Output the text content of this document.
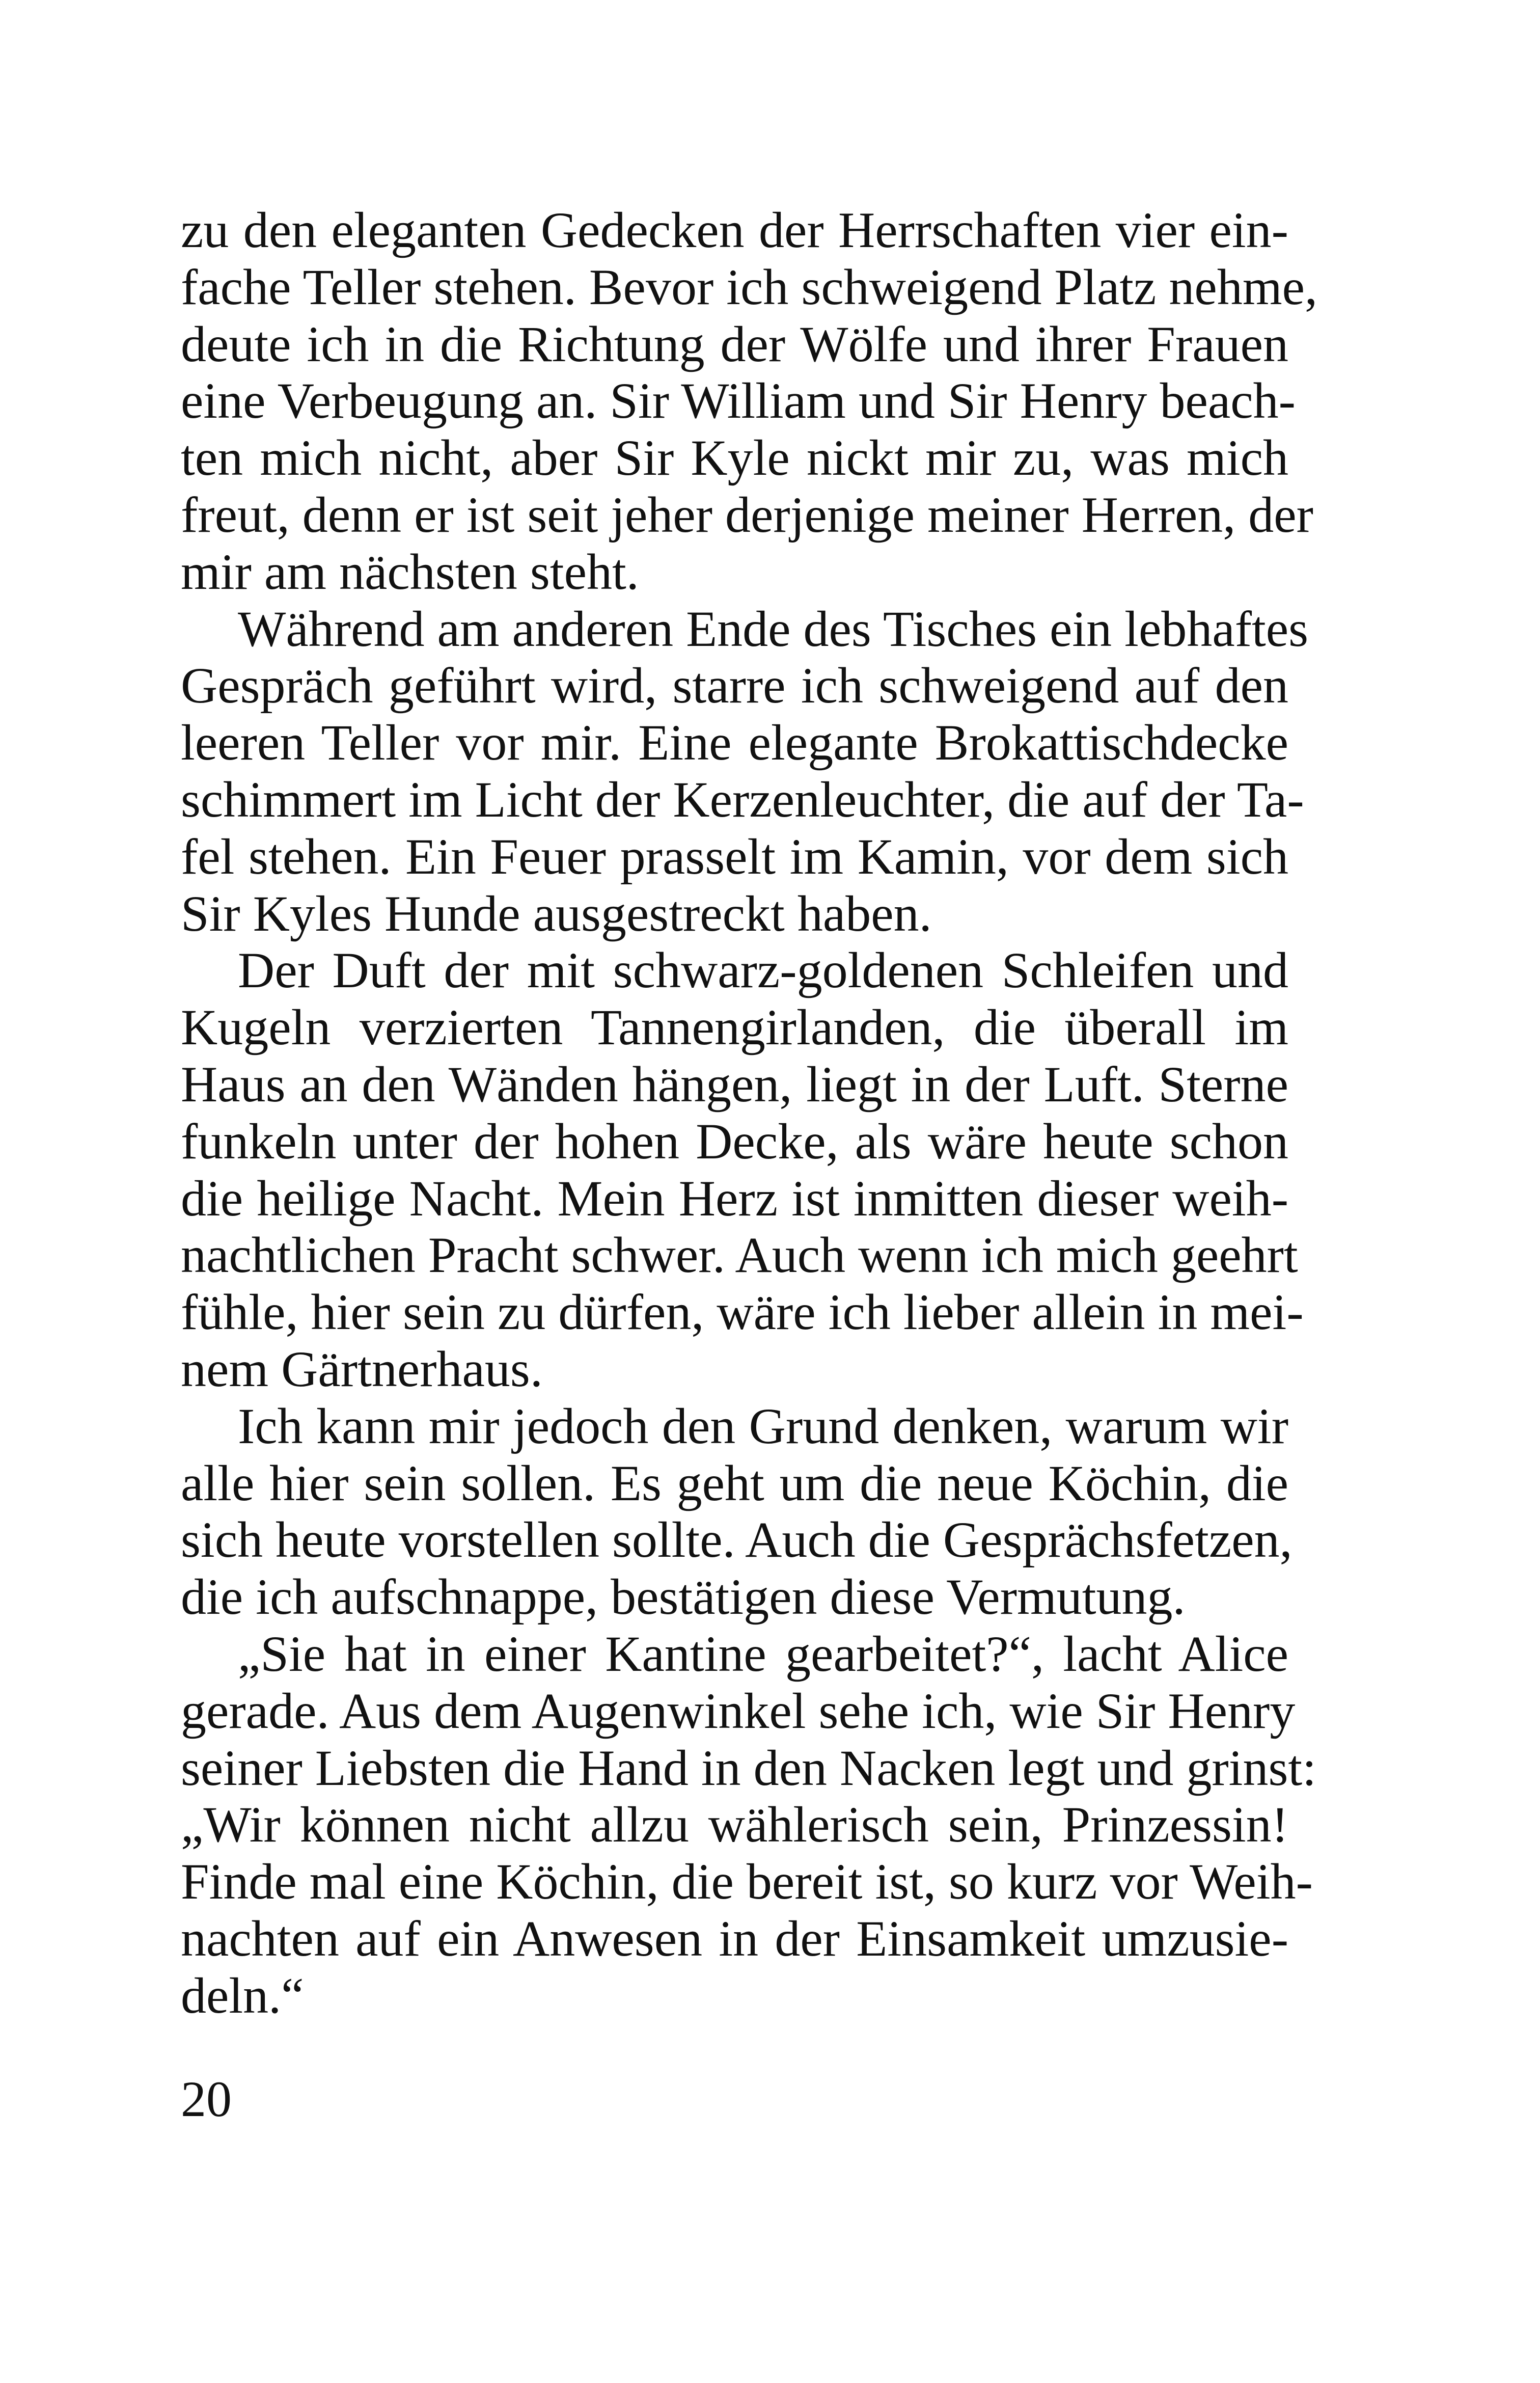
zu den eleganten Gedecken der Herrschaften vier ein-
fache Teller stehen. Bevor ich schweigend Platz nehme,
deute ich in die Richtung der Wölfe und ihrer Frauen
eine Verbeugung an. Sir William und Sir Henry beach-
ten mich nicht, aber Sir Kyle nickt mir zu, was mich
freut, denn er ist seit jeher derjenige meiner Herren, der
mir am nächsten steht.
Während am anderen Ende des Tisches ein lebhaftes
Gespräch geführt wird, starre ich schweigend auf den
leeren Teller vor mir. Eine elegante Brokattischdecke
schimmert im Licht der Kerzenleuchter, die auf der Ta-
fel stehen. Ein Feuer prasselt im Kamin, vor dem sich
Sir Kyles Hunde ausgestreckt haben.
Der Duft der mit schwarz-goldenen Schleifen und
Kugeln verzierten Tannengirlanden, die überall im
Haus an den Wänden hängen, liegt in der Luft. Sterne
funkeln unter der hohen Decke, als wäre heute schon
die heilige Nacht. Mein Herz ist inmitten dieser weih-
nachtlichen Pracht schwer. Auch wenn ich mich geehrt
fühle, hier sein zu dürfen, wäre ich lieber allein in mei-
nem Gärtnerhaus.
Ich kann mir jedoch den Grund denken, warum wir
alle hier sein sollen. Es geht um die neue Köchin, die
sich heute vorstellen sollte. Auch die Gesprächsfetzen,
die ich aufschnappe, bestätigen diese Vermutung.
„Sie hat in einer Kantine gearbeitet?“, lacht Alice
gerade. Aus dem Augenwinkel sehe ich, wie Sir Henry
seiner Liebsten die Hand in den Nacken legt und grinst:
„Wir können nicht allzu wählerisch sein, Prinzessin!
Finde mal eine Köchin, die bereit ist, so kurz vor Weih-
nachten auf ein Anwesen in der Einsamkeit umzusie-
deln.“
20
